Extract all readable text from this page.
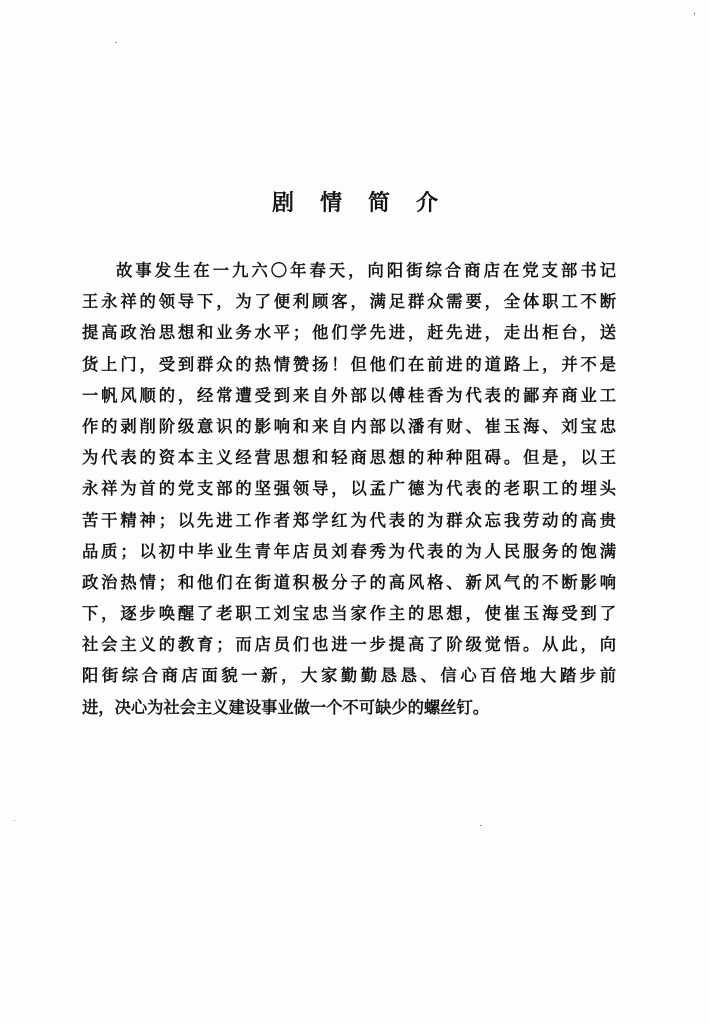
剧情简介
故事发生在一九六〇年春天，向阳街综合商店在党支部书记
王永祥的领导下，为了便利顾客，满足群众需要，全体职工不断
提高政治思想和业务水平；他们学先进，赶先进，走出柜台，送
货上门，受到群众的热情赞扬！但他们在前进的道路上，并不是
一帆风顺的，经常遭受到来自外部以傅桂香为代表的鄙弃商业工
作的剥削阶级意识的影响和来自内部以潘有财、崔玉海、刘宝忠
为代表的资本主义经营思想和轻商思想的种种阻碍。但是，以王
永祥为首的党支部的坚强领导，以孟广德为代表的老职工的埋头
苦干精神；以先进工作者郑学红为代表的为群众忘我劳动的高贵
品质；以初中毕业生青年店员刘春秀为代表的为人民服务的饱满
政治热情；和他们在街道积极分子的高风格、新风气的不断影响
下，逐步唤醒了老职工刘宝忠当家作主的思想，使崔玉海受到了
社会主义的教育；而店员们也进一步提高了阶级觉悟。从此，向
阳街综合商店面貌一新，大家勤勤恳恳、信心百倍地大踏步前
进，决心为社会主义建设事业做一个不可缺少的螺丝钉。
